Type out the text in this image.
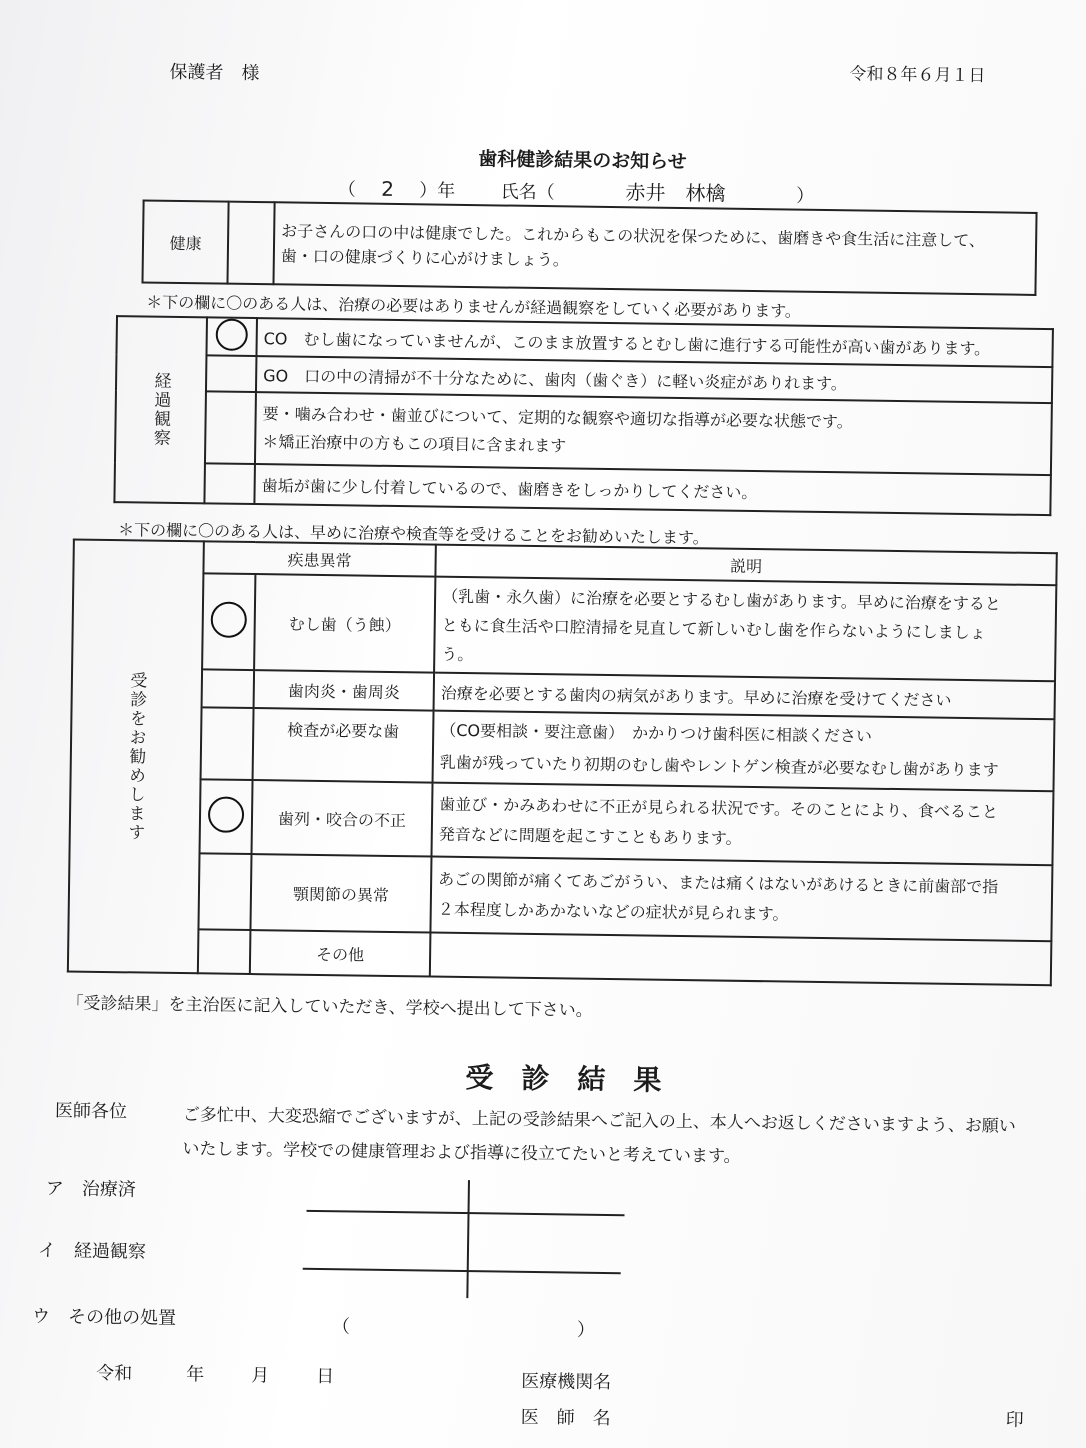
保護者　様	令和８年６月１日
歯科健診結果のお知らせ
（ 2 ）年	氏名（	赤井　林檎	）
健康		お子さんの口の中は健康でした。これからもこの状況を保つために、歯磨きや食生活に注意して、
歯・口の健康づくりに心がけましょう。
＊下の欄に〇のある人は、治療の必要はありませんが経過観察をしていく必要があります。
経過観察		CO　むし歯になっていませんが、このまま放置するとむし歯に進行する可能性が高い歯があります。
		GO　口の中の清掃が不十分なために、歯肉（歯ぐき）に軽い炎症がありれます。

		要・噛み合わせ・歯並びについて、定期的な観察や適切な指導が必要な状態です。
＊矯正治療中の方もこの項目に含まれます

		歯垢が歯に少し付着しているので、歯磨きをしっかりしてください。
＊下の欄に〇のある人は、早めに治療や検査等を受けることをお勧めいたします。
受診をお勧めします	疾患異常		説明
		むし歯（う蝕）	（乳歯・永久歯）に治療を必要とするむし歯があります。早めに治療をすると
ともに食生活や口腔清掃を見直して新しいむし歯を作らないようにしましょ
う。

		歯肉炎・歯周炎	治療を必要とする歯肉の病気があります。早めに治療を受けてください
		検査が必要な歯	（CO要相談・要注意歯）　かかりつけ歯科医に相談ください
乳歯が残っていたり初期のむし歯やレントゲン検査が必要なむし歯があります

		歯列・咬合の不正	歯並び・かみあわせに不正が見られる状況です。そのことにより、食べること
発音などに問題を起こすこともあります。

		顎関節の異常	あごの関節が痛くてあごがうい、または痛くはないがあけるときに前歯部で指
２本程度しかあかないなどの症状が見られます。

		その他	
「受診結果」を主治医に記入していただき、学校へ提出して下さい。
受　診　結　果
医師各位	ご多忙中、大変恐縮でございますが、上記の受診結果へご記入の上、本人へお返しくださいますよう、お願い
いたします。学校での健康管理および指導に役立てたいと考えています。
ア　治療済
イ　経過観察
ウ　その他の処置	（	）
令和	年	月	日	医療機関名
医　師　名	印
